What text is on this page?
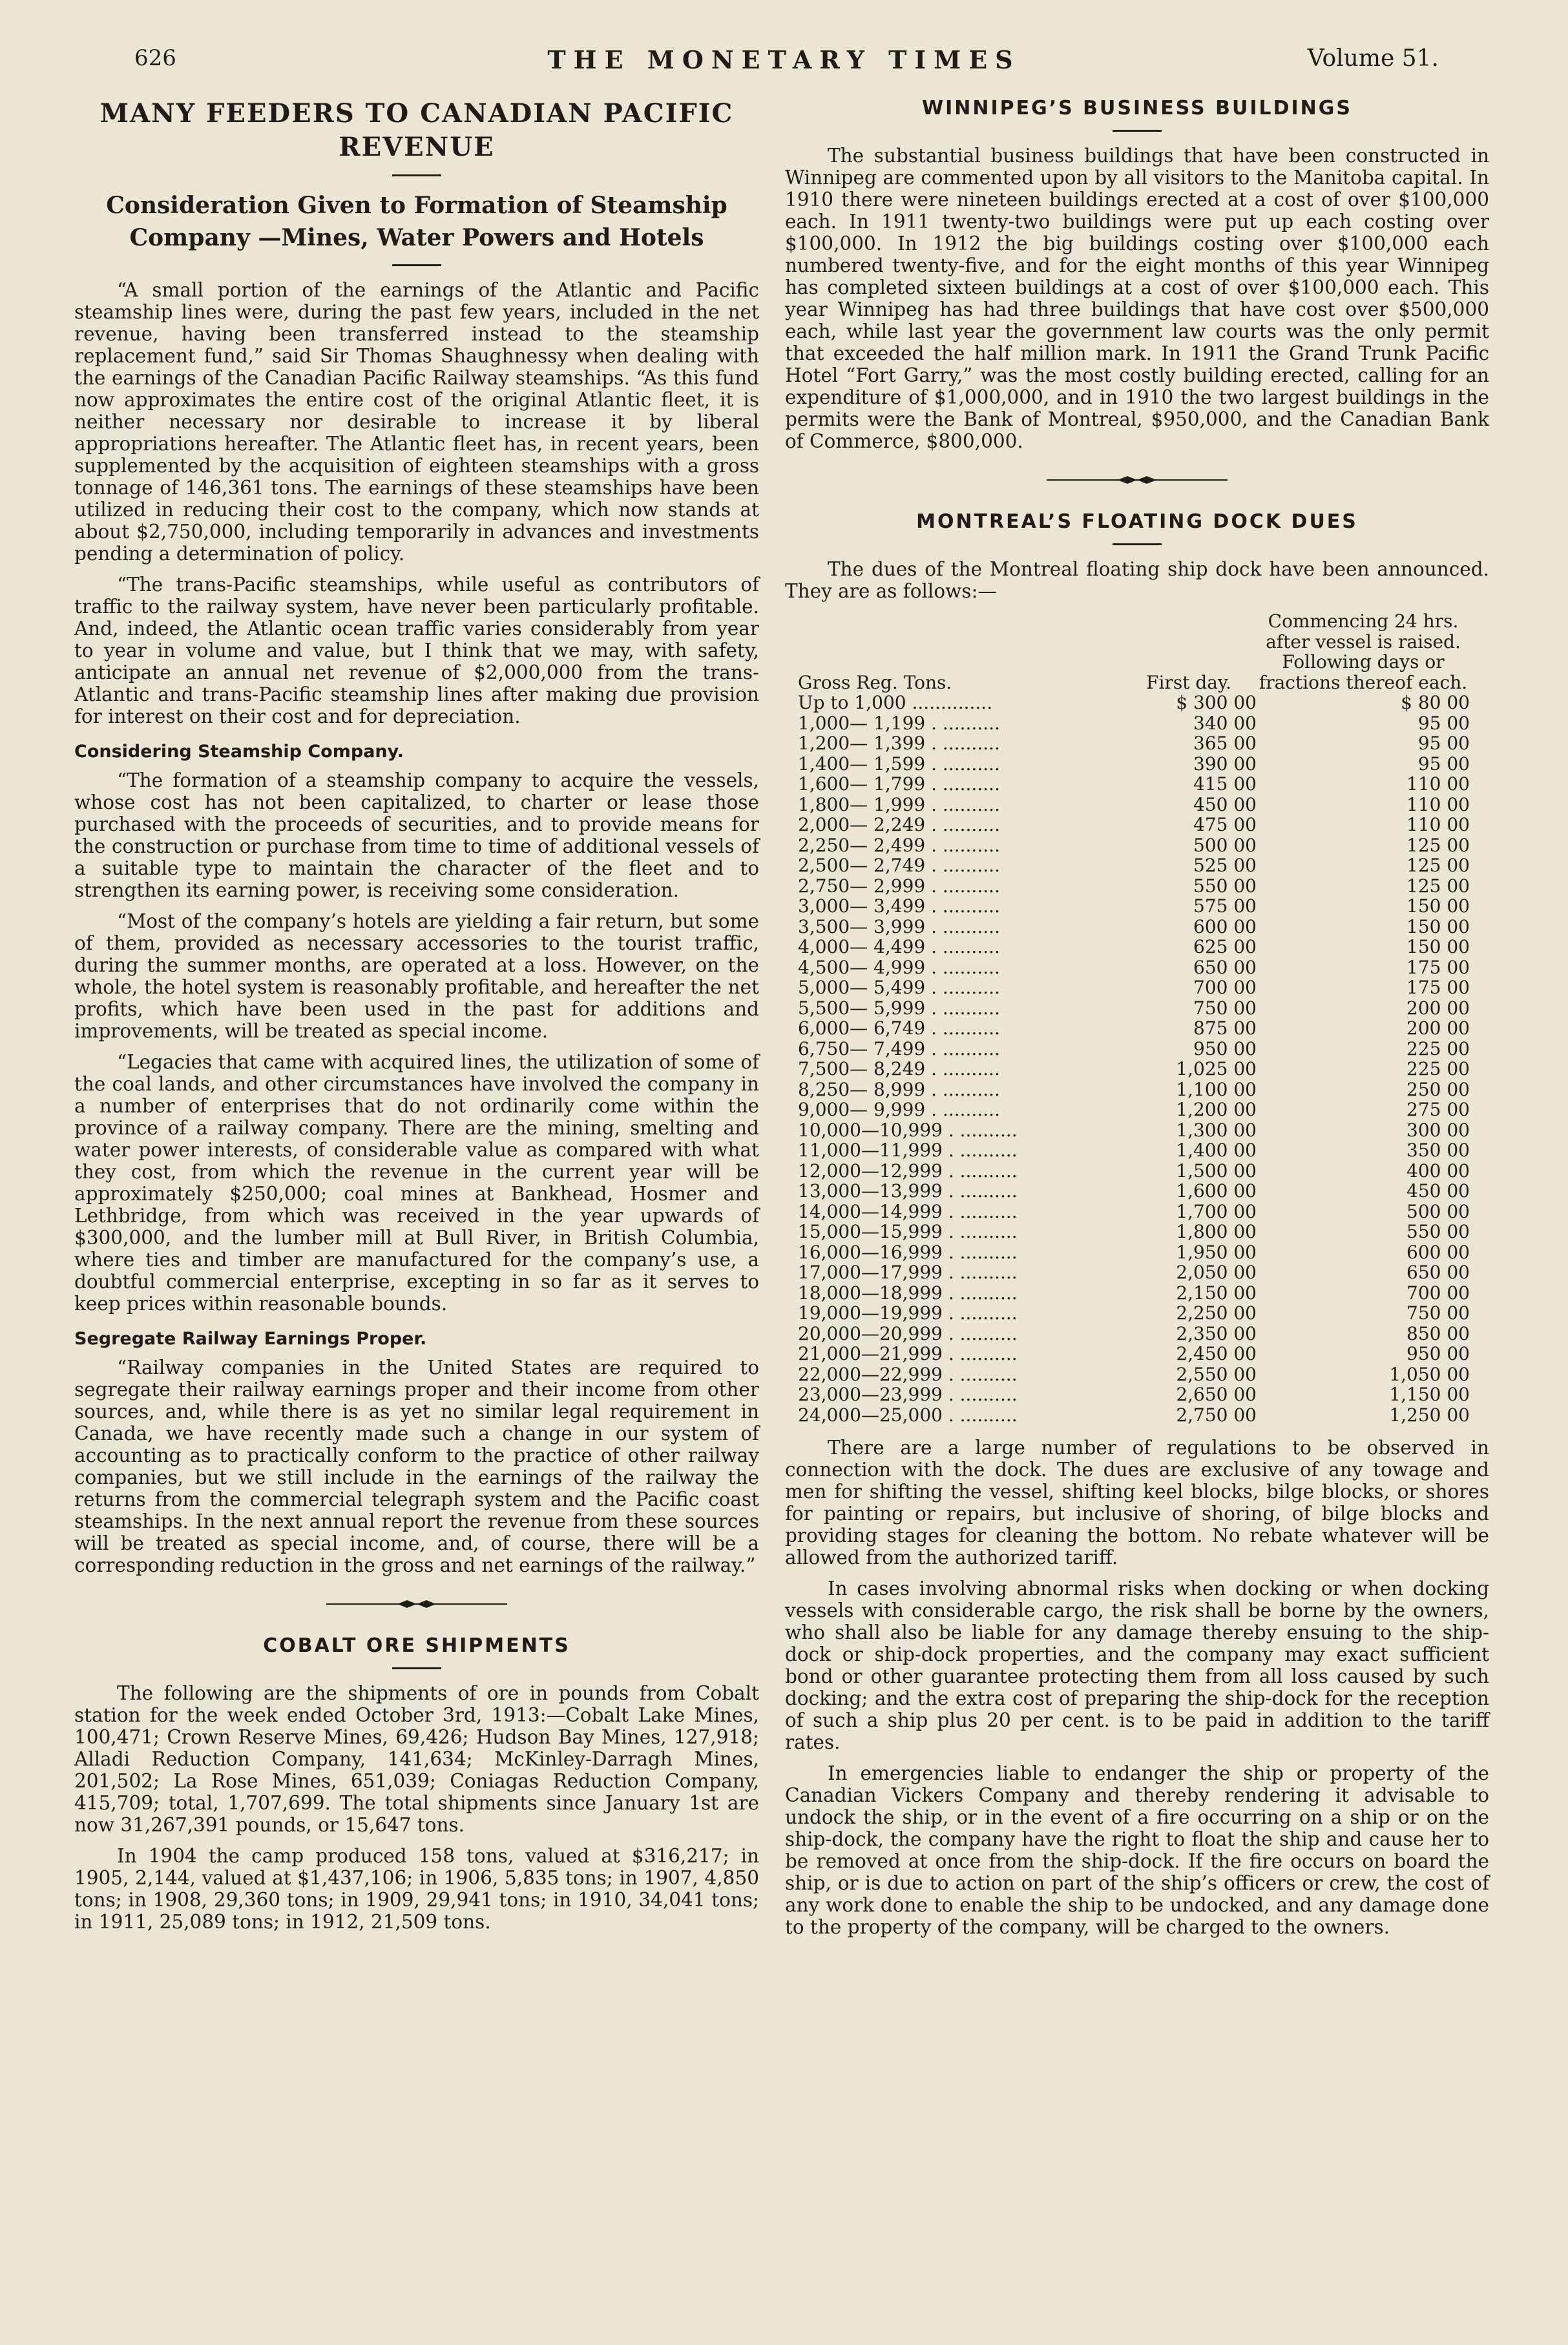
626	THE MONETARY TIMES	Volume 51.
MANY FEEDERS TO CANADIAN PACIFIC REVENUE
Consideration Given to Formation of Steamship Company —Mines, Water Powers and Hotels

“A small portion of the earnings of the Atlantic and Pacific steamship lines were, during the past few years, included in the net revenue, having been transferred instead to the steamship replacement fund,” said Sir Thomas Shaughnessy when dealing with the earnings of the Canadian Pacific Railway steamships. “As this fund now approximates the entire cost of the original Atlantic fleet, it is neither necessary nor desirable to increase it by liberal appropriations hereafter. The Atlantic fleet has, in recent years, been supplemented by the acquisition of eighteen steamships with a gross tonnage of 146,361 tons. The earnings of these steamships have been utilized in reducing their cost to the company, which now stands at about $2,750,000, including temporarily in advances and investments pending a determination of policy.

“The trans-Pacific steamships, while useful as contributors of traffic to the railway system, have never been particularly profitable. And, indeed, the Atlantic ocean traffic varies considerably from year to year in volume and value, but I think that we may, with safety, anticipate an annual net revenue of $2,000,000 from the trans-Atlantic and trans-Pacific steamship lines after making due provision for interest on their cost and for depreciation.

Considering Steamship Company.

“The formation of a steamship company to acquire the vessels, whose cost has not been capitalized, to charter or lease those purchased with the proceeds of securities, and to provide means for the construction or purchase from time to time of additional vessels of a suitable type to maintain the character of the fleet and to strengthen its earning power, is receiving some consideration.

“Most of the company’s hotels are yielding a fair return, but some of them, provided as necessary accessories to the tourist traffic, during the summer months, are operated at a loss. However, on the whole, the hotel system is reasonably profitable, and hereafter the net profits, which have been used in the past for additions and improvements, will be treated as special income.

“Legacies that came with acquired lines, the utilization of some of the coal lands, and other circumstances have involved the company in a number of enterprises that do not ordinarily come within the province of a railway company. There are the mining, smelting and water power interests, of considerable value as compared with what they cost, from which the revenue in the current year will be approximately $250,000; coal mines at Bankhead, Hosmer and Lethbridge, from which was received in the year upwards of $300,000, and the lumber mill at Bull River, in British Columbia, where ties and timber are manufactured for the company’s use, a doubtful commercial enterprise, excepting in so far as it serves to keep prices within reasonable bounds.

Segregate Railway Earnings Proper.

“Railway companies in the United States are required to segregate their railway earnings proper and their income from other sources, and, while there is as yet no similar legal requirement in Canada, we have recently made such a change in our system of accounting as to practically conform to the practice of other railway companies, but we still include in the earnings of the railway the returns from the commercial telegraph system and the Pacific coast steamships. In the next annual report the revenue from these sources will be treated as special income, and, of course, there will be a corresponding reduction in the gross and net earnings of the railway.”

COBALT ORE SHIPMENTS

The following are the shipments of ore in pounds from Cobalt station for the week ended October 3rd, 1913:—Cobalt Lake Mines, 100,471; Crown Reserve Mines, 69,426; Hudson Bay Mines, 127,918; Alladi Reduction Company, 141,634; McKinley-Darragh Mines, 201,502; La Rose Mines, 651,039; Coniagas Reduction Company, 415,709; total, 1,707,699. The total shipments since January 1st are now 31,267,391 pounds, or 15,647 tons.

In 1904 the camp produced 158 tons, valued at $316,217; in 1905, 2,144, valued at $1,437,106; in 1906, 5,835 tons; in 1907, 4,850 tons; in 1908, 29,360 tons; in 1909, 29,941 tons; in 1910, 34,041 tons; in 1911, 25,089 tons; in 1912, 21,509 tons.

WINNIPEG’S BUSINESS BUILDINGS

The substantial business buildings that have been constructed in Winnipeg are commented upon by all visitors to the Manitoba capital. In 1910 there were nineteen buildings erected at a cost of over $100,000 each. In 1911 twenty-two buildings were put up each costing over $100,000. In 1912 the big buildings costing over $100,000 each numbered twenty-five, and for the eight months of this year Winnipeg has completed sixteen buildings at a cost of over $100,000 each. This year Winnipeg has had three buildings that have cost over $500,000 each, while last year the government law courts was the only permit that exceeded the half million mark. In 1911 the Grand Trunk Pacific Hotel “Fort Garry,” was the most costly building erected, calling for an expenditure of $1,000,000, and in 1910 the two largest buildings in the permits were the Bank of Montreal, $950,000, and the Canadian Bank of Commerce, $800,000.

MONTREAL’S FLOATING DOCK DUES

The dues of the Montreal floating ship dock have been announced. They are as follows:—

Gross Reg. Tons.	First day.	Commencing 24 hrs. after vessel is raised. Following days or fractions thereof each.
Up to 1,000 ..............	$ 300 00	$ 80 00
1,000— 1,199 . ..........	340 00	95 00
1,200— 1,399 . ..........	365 00	95 00
1,400— 1,599 . ..........	390 00	95 00
1,600— 1,799 . ..........	415 00	110 00
1,800— 1,999 . ..........	450 00	110 00
2,000— 2,249 . ..........	475 00	110 00
2,250— 2,499 . ..........	500 00	125 00
2,500— 2,749 . ..........	525 00	125 00
2,750— 2,999 . ..........	550 00	125 00
3,000— 3,499 . ..........	575 00	150 00
3,500— 3,999 . ..........	600 00	150 00
4,000— 4,499 . ..........	625 00	150 00
4,500— 4,999 . ..........	650 00	175 00
5,000— 5,499 . ..........	700 00	175 00
5,500— 5,999 . ..........	750 00	200 00
6,000— 6,749 . ..........	875 00	200 00
6,750— 7,499 . ..........	950 00	225 00
7,500— 8,249 . ..........	1,025 00	225 00
8,250— 8,999 . ..........	1,100 00	250 00
9,000— 9,999 . ..........	1,200 00	275 00
10,000—10,999 . ..........	1,300 00	300 00
11,000—11,999 . ..........	1,400 00	350 00
12,000—12,999 . ..........	1,500 00	400 00
13,000—13,999 . ..........	1,600 00	450 00
14,000—14,999 . ..........	1,700 00	500 00
15,000—15,999 . ..........	1,800 00	550 00
16,000—16,999 . ..........	1,950 00	600 00
17,000—17,999 . ..........	2,050 00	650 00
18,000—18,999 . ..........	2,150 00	700 00
19,000—19,999 . ..........	2,250 00	750 00
20,000—20,999 . ..........	2,350 00	850 00
21,000—21,999 . ..........	2,450 00	950 00
22,000—22,999 . ..........	2,550 00	1,050 00
23,000—23,999 . ..........	2,650 00	1,150 00
24,000—25,000 . ..........	2,750 00	1,250 00

There are a large number of regulations to be observed in connection with the dock. The dues are exclusive of any towage and men for shifting the vessel, shifting keel blocks, bilge blocks, or shores for painting or repairs, but inclusive of shoring, of bilge blocks and providing stages for cleaning the bottom. No rebate whatever will be allowed from the authorized tariff.

In cases involving abnormal risks when docking or when docking vessels with considerable cargo, the risk shall be borne by the owners, who shall also be liable for any damage thereby ensuing to the ship-dock or ship-dock properties, and the company may exact sufficient bond or other guarantee protecting them from all loss caused by such docking; and the extra cost of preparing the ship-dock for the reception of such a ship plus 20 per cent. is to be paid in addition to the tariff rates.

In emergencies liable to endanger the ship or property of the Canadian Vickers Company and thereby rendering it advisable to undock the ship, or in the event of a fire occurring on a ship or on the ship-dock, the company have the right to float the ship and cause her to be removed at once from the ship-dock. If the fire occurs on board the ship, or is due to action on part of the ship’s officers or crew, the cost of any work done to enable the ship to be undocked, and any damage done to the property of the company, will be charged to the owners.
